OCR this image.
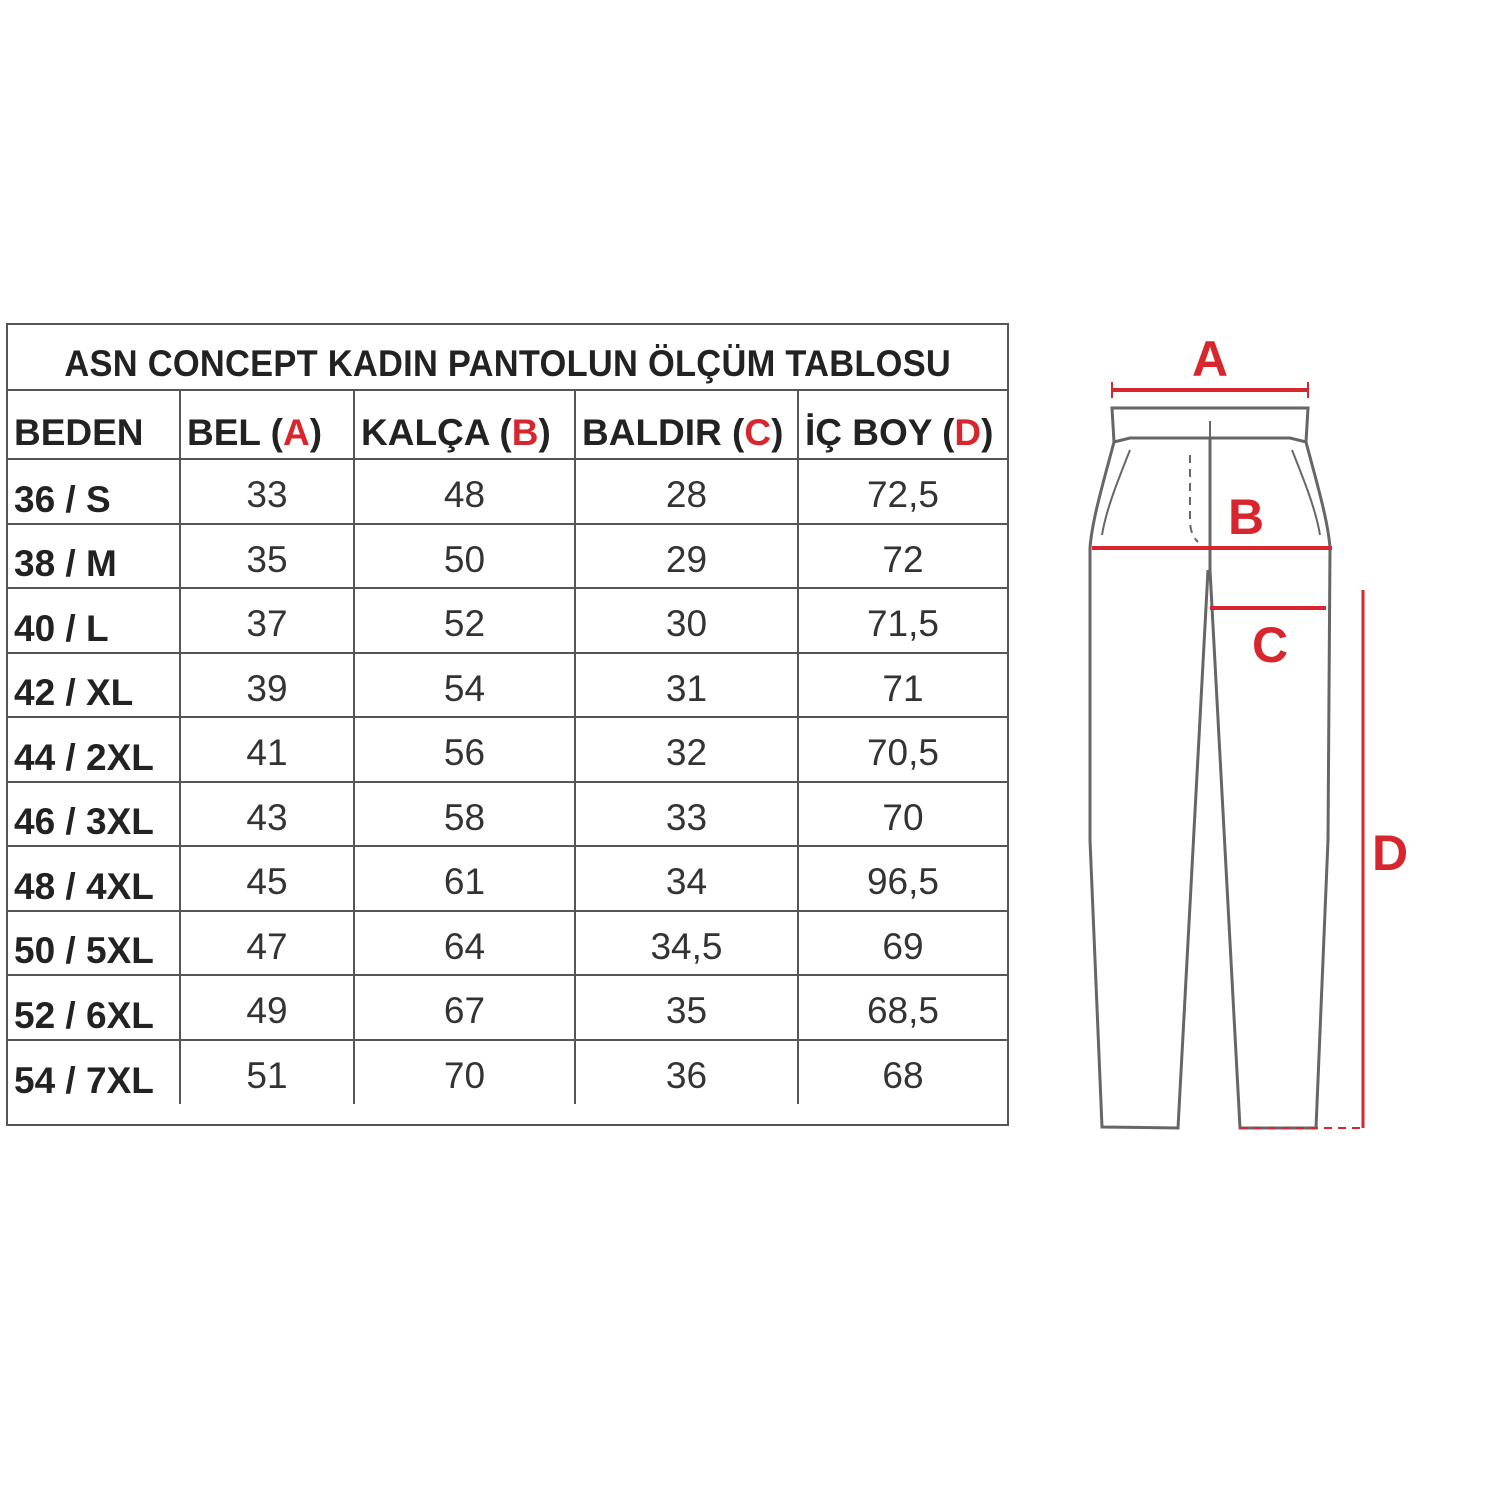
ASN CONCEPT KADIN PANTOLUN ÖLÇÜM TABLOSU
BEDEN	BEL (A)	KALÇA (B)	BALDIR (C)	İÇ BOY (D)
36 / S	33	48	28	72,5
38 / M	35	50	29	72
40 / L	37	52	30	71,5
42 / XL	39	54	31	71
44 / 2XL	41	56	32	70,5
46 / 3XL	43	58	33	70
48 / 4XL	45	61	34	96,5
50 / 5XL	47	64	34,5	69
52 / 6XL	49	67	35	68,5
54 / 7XL	51	70	36	68
A
B
C
D
